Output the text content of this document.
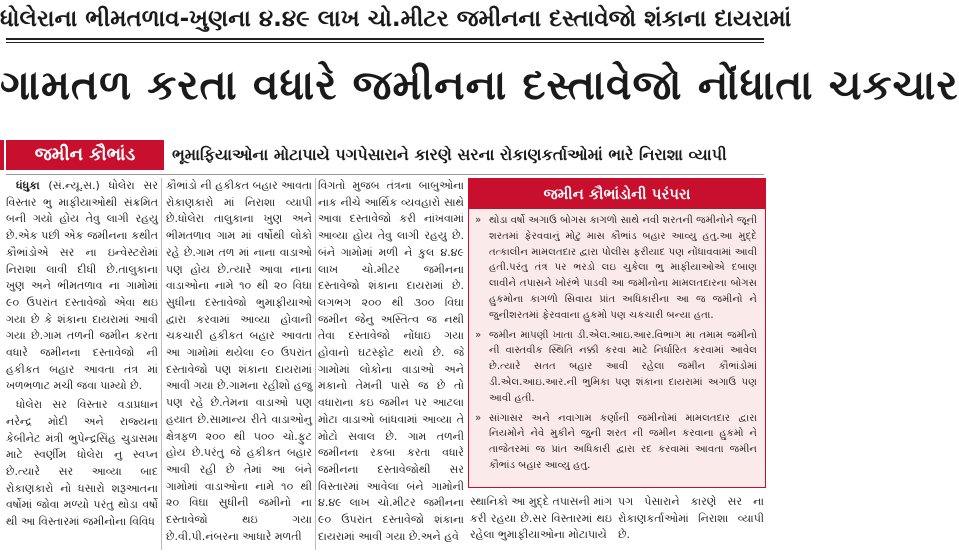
ધોલેરાના ભીમતળાવ-ખુણના ૪.૪૯ લાખ ચો.મીટર જમીનના દસ્તાવેજો શંકાના દાયરામાં
ગામતળ કરતા વધારે જમીનના દસ્તાવેજો નોંધાતા ચકચાર
જમીન કૌભાંડ	ભૂમાફિયાઓના મોટાપાયે પગપેસારાને કારણે સરના રોકાણકર્તાઓમાં ભારે નિરાશા વ્યાપી

ધંધુકા (સં.ન્યૂ.સ.) ધોલેરા સર વિસ્તાર ભુ માફીયાઓથી સંક્રમિત બની ગયો હોય તેવુ લાગી રહયુ છે.એક પછી એક જમીનના કથીત કૌભાંડોએ સર ના ઇન્વેસ્ટરોમાં નિરાશા લાવી દીધી છે.તાલુકાના ખુણ અને ભીમતળાવ ના ગામોમાં ૯૦ ઉપરાંત દસ્તાવેજો એવા થઇ ગયા છે કે શંકાના દાયરામાં આવી ગયા છે.ગામ તળની જમીન કરતા વધારે જમીનના દસ્તાવેજો ની હકીકત બહાર આવતા તંત્ર માં ખળભળાટ મચી જવા પામ્યો છે.

ધોલેરા સર વિસ્તાર વડાપ્રધાન નરેન્દ્ર મોદી અને રાજ્યના કેબીનેટ મંત્રી ભુપેન્દ્રસિંહ ચુડાસમા માટે સ્વર્ણીમ ધોલેરા નુ સ્વપ્ન છે.ત્યારે સર આવ્યા બાદ રોકાણકારો નો ધસારો શરૂઆતના વર્ષોમાં જોવા મળ્યો પરંતુ થોડા વર્ષો થી આ વિસ્તારમાં જમીનોના વિવિધ

કૌભાંડો ની હકીકત બહાર આવતા રોકાણકારો માં નિરાશા વ્યાપી છે.ધોલેરા તાલુકાના ખુણ અને ભીમતળાવ ગામ માં વર્ષોથી લોકો રહે છે.ગામ તળ માં નાના વાડાઓ પણ હોય છે.ત્યારે આવા નાના વાડાઓના નામે ૧૦ થી ૨૦ વિઘા સુધીના દસ્તાવેજો ભુમાફીયાઓ દ્વારા કરવામાં આવ્યા હોવાની ચકચારી હકીકત બહાર આવતા આ ગામોમાં થયેલા ૯૦ ઉપરાંત દસ્તાવેજો પણ શંકાના દાયરામાં આવી ગયા છે.ગામના રહીશો હજુ પણ રહે છે.તેમના વાડાઓ પણ હયાત છે.સામાન્ય રીતે વાડાઓનુ ક્ષેત્રફળ ૨૦૦ થી ૫૦૦ ચો.ફુટ હોય છે.પરંતુ જે હકીકત બહાર આવી રહી છે તેમાં આ બંને ગામોમાં વાડાઓના નામે ૧૦ થી ૨૦ વિઘા સુધીની જમીનો ના દસ્તાવેજો થઇ ગયા છે.વી.પી.નંબરના આધારે મળતી

વિગતો મુજબ તંત્રના બાબુઓના નાક નીચે આર્થિક વ્યવહારો સાથે આવા દસ્તાવેજો કરી નાંખવામાં આવ્યા હોય તેવુ લાગી રહયુ છે. બંને ગામોમાં મળી ને કુલ ૪.૪૯ લાખ ચો.મીટર જમીનના દસ્તાવેજો શંકાના દાયરામાં છે. લગભગ ૨૦૦ થી ૩૦૦ વિઘા જમીન જેનુ અસ્તિત્વ જ નથી તેવા દસ્તાવેજો નોંધાઇ ગયા હોવાનો ઘટસ્ફોટ થયો છે. જે ગામોમાં લોકોના વાડાઓ અને મકાનો તેમની પાસે જ છે તો વધારાના કઇ જમીન પર આટલા મોટા વાડાઓ બાંધવામાં આવ્યા તે મોટો સવાલ છે. ગામ તળની જમીનના રકબા કરતા વધારે જમીનના દસ્તાવેજોથી સર વિસ્તારમાં આવેલા બંને ગામોની ૪.૪૯ લાખ ચો.મીટર જમીનના ૯૦ ઉપરાંત દસ્તાવેજો શંકાના દાયરામાં આવી ગયા છે.અને હવે

સ્થાનિકો આ મુદ્દે તપાસની માંગ કરી રહયા છે.સર વિસ્તારમાં થઇ રહેલા ભુમાફીયાઓના મોટાપાયે

પગ પેસારાને કારણે સર ના રોકાણકર્તાઓમાં નિરાશા વ્યાપી છે.

જમીન કૌભાંડોની પરંપરા
» થોડા વર્ષો અગાઉ બોગસ કાગળો સાથે નવી શરતની જમીનોને જૂની શરતમાં ફેરવવાનું મોટુ માસ કૌભાંડ બહાર આવ્યુ હતુ.આ મુદ્દે તત્કાલીન મામલતદાર દ્વારા પોલીસ ફરીયાદ પણ નોંધાવવામાં આવી હતી.પરંતુ તંત્ર પર ભરડો લઇ ચુકેલા ભુ માફીયાઓએ દબાણ લાવીને તપાસને ખોરંભે પાડવી આ જમીનોના મામલતદારના બોગસ હુકમોના કાગળો સિવાય પ્રાંત અધિકારીના આ જ જમીનો ને જુનીશરતમાં ફેરવવાના હુકમો પણ ચકચારી બન્યા હતા.
» જમીન માપણી ખાતા ડી.એલ.આઇ.આર.વિભાગ મા તમામ જમીનો ની વાસ્તવીક સ્થિતિ નક્કી કરવા માટે નિર્ધારિત કરવામાં આવેલ છે.ત્યારે સતત બહાર આવી રહેલા જમીન કૌભાંડોમાં ડી.એલ.આઇ.આર.ની ભુમિકા પણ શંકાના દાયરામાં અગાઉ પણ આવી હતી.
» સાંગાસર અને નવાગામ કર્ણાની જમીનોમાં મામલતદાર દ્વારા નિયમોને નેવે મુકીને જુની શરત ની જમીન કરવાના હુકમો ને તાજેતરમાં જ પ્રાંત અધિકારી દ્વારા રદ કરવામાં આવતા જમીન કૌભાંડ બહાર આવ્યુ હતુ.
